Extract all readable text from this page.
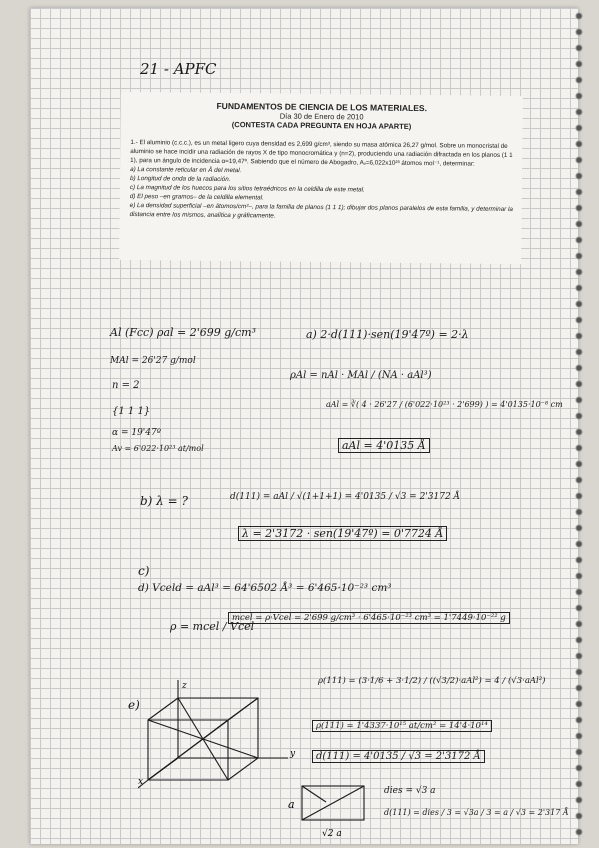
21 - APFC
FUNDAMENTOS DE CIENCIA DE LOS MATERIALES.
Día 30 de Enero de 2010
(CONTESTA CADA PREGUNTA EN HOJA APARTE)
1.- El aluminio (c.c.c.), es un metal ligero cuya densidad es 2,699 g/cm³, siendo su masa atómica 26,27 g/mol. Sobre un monocristal de aluminio se hace incidir una radiación de rayos X de tipo monocromática y (n=2), produciendo una radiación difractada en los planos (1 1 1), para un ángulo de incidencia α=19,47º. Sabiendo que el número de Abogadro, Aᵥ=6,022x10²³ átomos mol⁻¹, determinar:
a) La constante reticular en Å del metal.
b) Longitud de onda de la radiación.
c) La magnitud de los huecos para los sitios tetraédricos en la celdilla de este metal.
d) El peso –en gramos– de la celdilla elemental.
e) La densidad superficial –en átomos/cm²–, para la familia de planos (1 1 1); dibujar dos planos paralelos de esta familia, y determinar la distancia entre los mismos, analítica y gráficamente.
Al (Fcc) ρal = 2'699 g/cm³
MAl = 26'27 g/mol
n = 2
{1 1 1}
α = 19'47º
Av = 6'022·10²³ at/mol
a) 2·d(111)·sen(19'47º) = 2·λ
ρAl = nAl · MAl / (NA · aAl³)
aAl = ∛( 4 · 26'27 / (6'022·10²³ · 2'699) ) = 4'0135·10⁻⁸ cm
aAl = 4'0135 Å
b) λ = ?	d(111) = aAl / √(1+1+1) = 4'0135 / √3 = 2'3172 Å
λ = 2'3172 · sen(19'47º) = 0'7724 Å
c)
d) Vceld = aAl³ = 64'6502 Å³ = 6'465·10⁻²³ cm³
ρ = mcel / Vcel
mcel = ρ·Vcel = 2'699 g/cm³ · 6'465·10⁻²³ cm³ = 1'7449·10⁻²² g
e)
ρ(111) = (3·1/6 + 3·1/2) / ((√3/2)·aAl²) = 4 / (√3·aAl²)
ρ(111) = 1'4337·10¹⁵ at/cm² = 14'4·10¹⁴
d(111) = 4'0135 / √3 = 2'3172 Å
dies = √3 a
d(111) = dies / 3 = √3a / 3 = a / √3 = 2'317 Å
z
y
x
a
√2 a
